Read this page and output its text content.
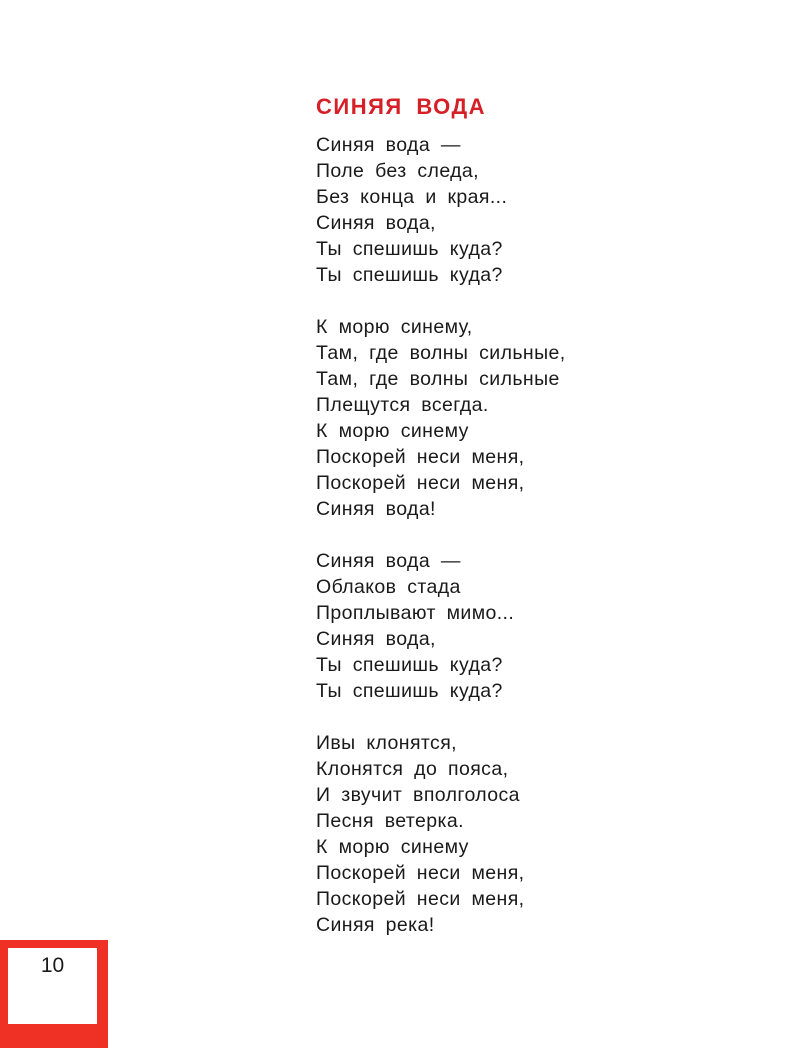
СИНЯЯ ВОДА
Синяя вода —
Поле без следа,
Без конца и края...
Синяя вода,
Ты спешишь куда?
Ты спешишь куда?
К морю синему,
Там, где волны сильные,
Там, где волны сильные
Плещутся всегда.
К морю синему
Поскорей неси меня,
Поскорей неси меня,
Синяя вода!
Синяя вода —
Облаков стада
Проплывают мимо...
Синяя вода,
Ты спешишь куда?
Ты спешишь куда?
Ивы клонятся,
Клонятся до пояса,
И звучит вполголоса
Песня ветерка.
К морю синему
Поскорей неси меня,
Поскорей неси меня,
Синяя река!
10
